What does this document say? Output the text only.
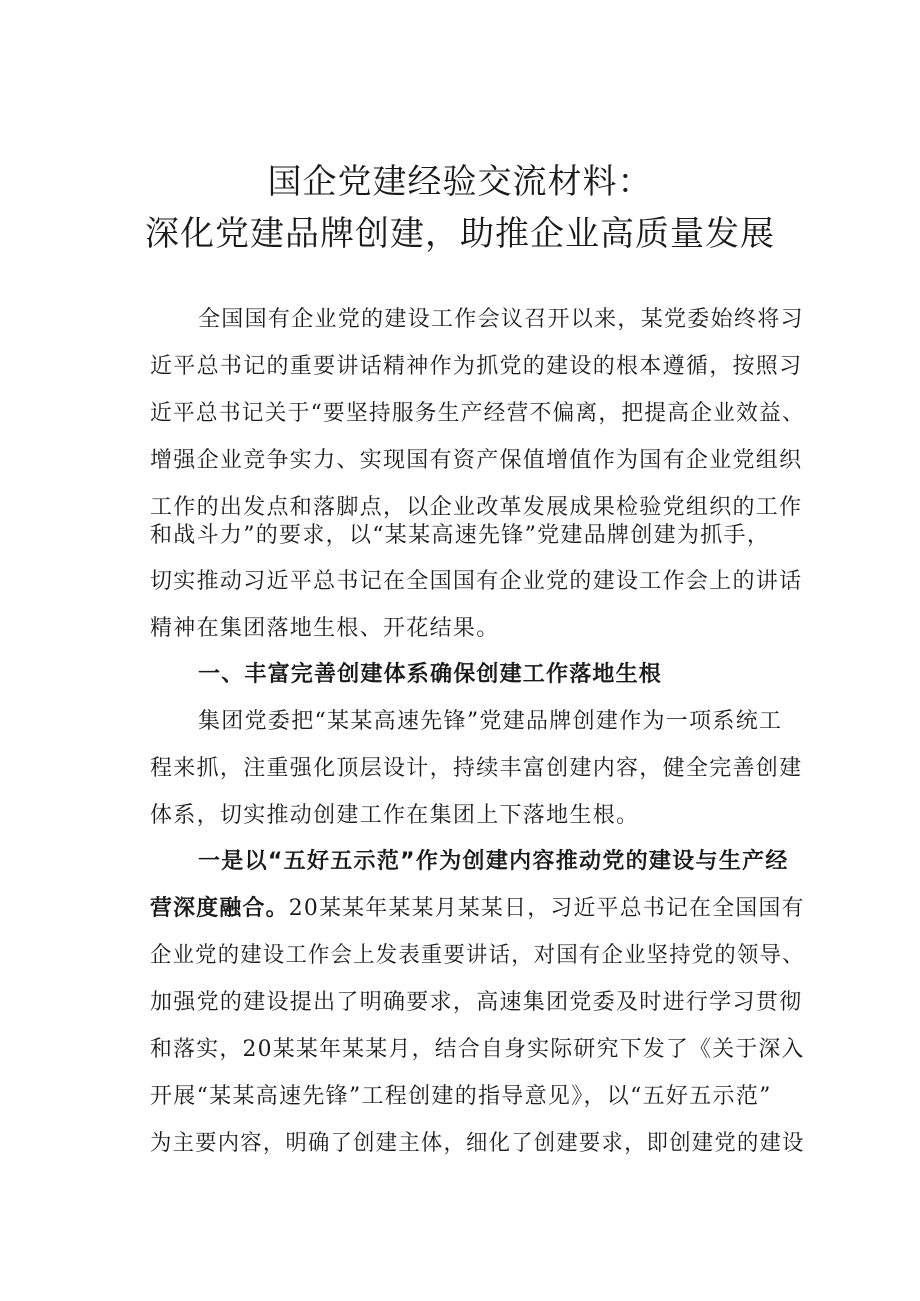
国企党建经验交流材料：
深化党建品牌创建，助推企业高质量发展
全国国有企业党的建设工作会议召开以来，某党委始终将习
近平总书记的重要讲话精神作为抓党的建设的根本遵循，按照习
近平总书记关于“要坚持服务生产经营不偏离，把提高企业效益、
增强企业竞争实力、实现国有资产保值增值作为国有企业党组织
工作的出发点和落脚点，以企业改革发展成果检验党组织的工作
和战斗力”的要求，以“某某高速先锋”党建品牌创建为抓手，
切实推动习近平总书记在全国国有企业党的建设工作会上的讲话
精神在集团落地生根、开花结果。
一、丰富完善创建体系确保创建工作落地生根
集团党委把“某某高速先锋”党建品牌创建作为一项系统工
程来抓，注重强化顶层设计，持续丰富创建内容，健全完善创建
体系，切实推动创建工作在集团上下落地生根。
一是以“五好五示范”作为创建内容推动党的建设与生产经
营深度融合。20某某年某某月某某日，习近平总书记在全国国有
企业党的建设工作会上发表重要讲话，对国有企业坚持党的领导、
加强党的建设提出了明确要求，高速集团党委及时进行学习贯彻
和落实，20某某年某某月，结合自身实际研究下发了《关于深入
开展“某某高速先锋”工程创建的指导意见》，以“五好五示范”
为主要内容，明确了创建主体，细化了创建要求，即创建党的建设
